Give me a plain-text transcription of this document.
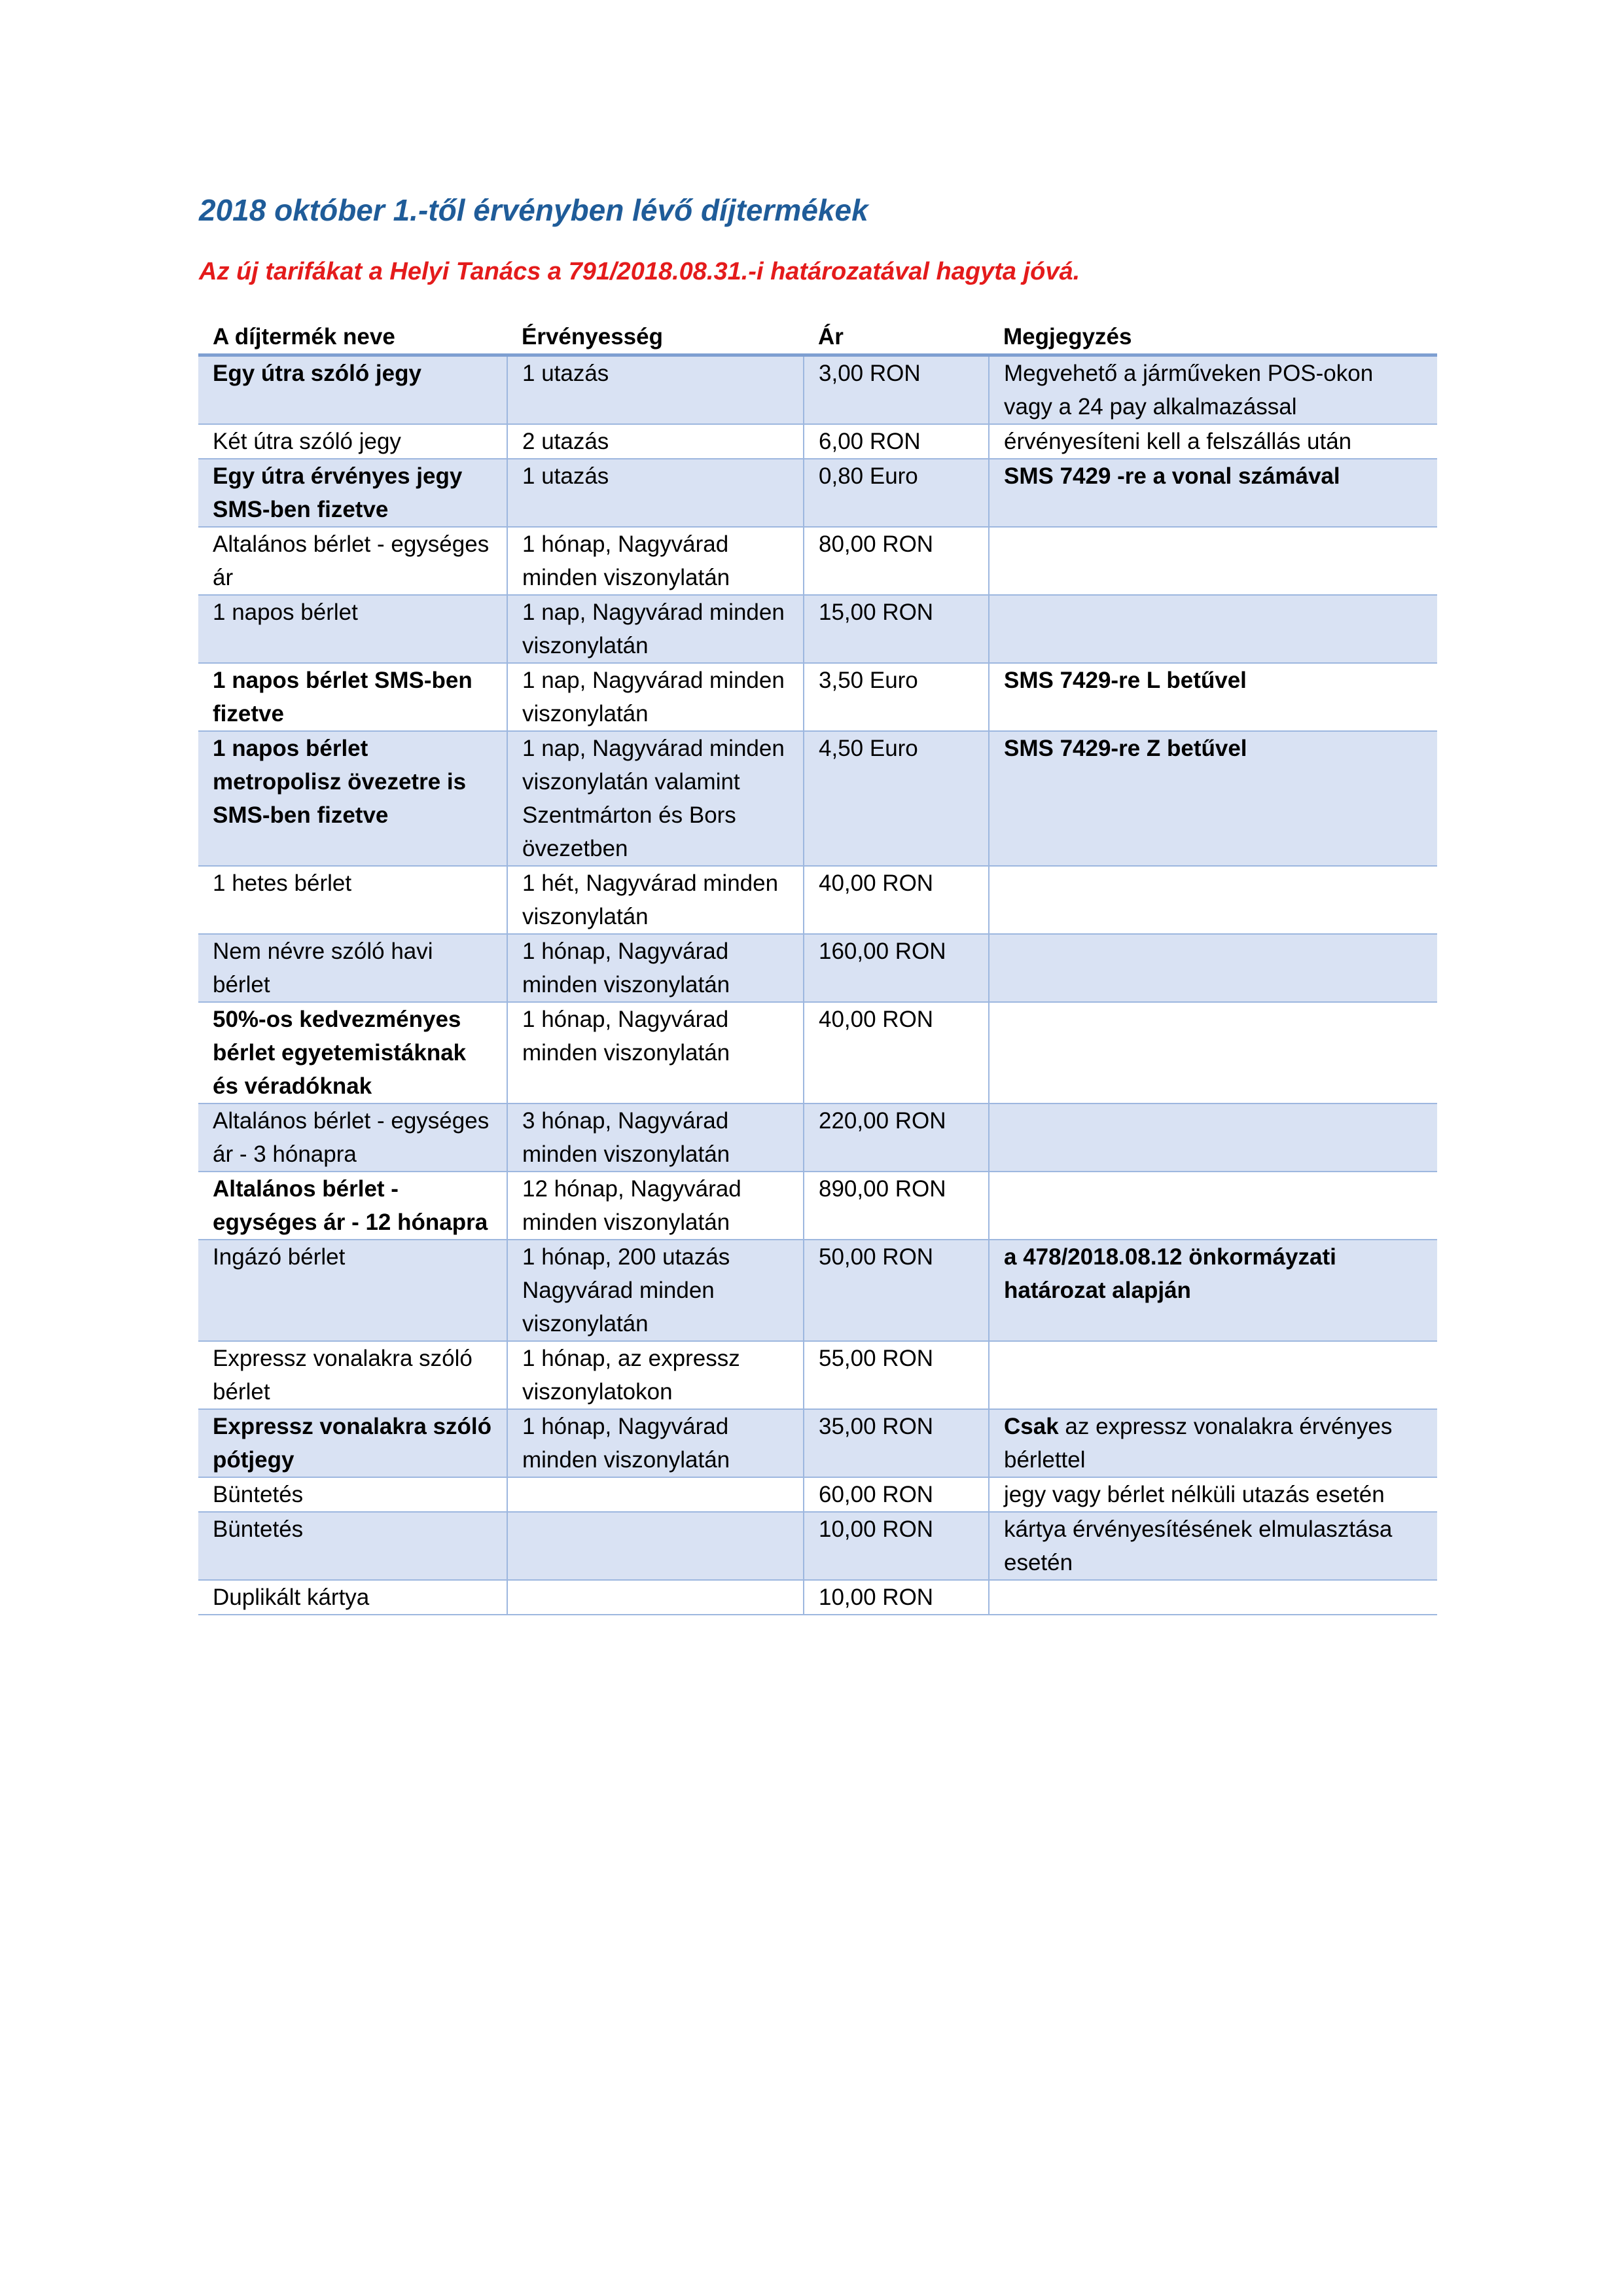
2018 október 1.-től érvényben lévő díjtermékek
Az új tarifákat a Helyi Tanács a 791/2018.08.31.-i határozatával hagyta jóvá.
A díjtermék neve	Érvényesség	Ár	Megjegyzés
Egy útra szóló jegy	1 utazás	3,00 RON	Megvehető a járműveken POS-okon vagy a 24 pay alkalmazással
Két útra szóló jegy	2 utazás	6,00 RON	érvényesíteni kell a felszállás után
Egy útra érvényes jegy SMS-ben fizetve	1 utazás	0,80 Euro	SMS 7429 -re a vonal számával
Altalános bérlet - egységes ár	1 hónap, Nagyvárad minden viszonylatán	80,00 RON	
1 napos bérlet	1 nap, Nagyvárad minden viszonylatán	15,00 RON	
1 napos bérlet SMS-ben fizetve	1 nap, Nagyvárad minden viszonylatán	3,50 Euro	SMS 7429-re L betűvel
1 napos bérlet metropolisz övezetre is SMS-ben fizetve	1 nap, Nagyvárad minden viszonylatán valamint Szentmárton és Bors övezetben	4,50 Euro	SMS 7429-re Z betűvel
1 hetes bérlet	1 hét, Nagyvárad minden viszonylatán	40,00 RON	
Nem névre szóló havi bérlet	1 hónap, Nagyvárad minden viszonylatán	160,00 RON	
50%-os kedvezményes bérlet egyetemistáknak és véradóknak	1 hónap, Nagyvárad minden viszonylatán	40,00 RON	
Altalános bérlet - egységes ár - 3 hónapra	3 hónap, Nagyvárad minden viszonylatán	220,00 RON	
Altalános bérlet - egységes ár - 12 hónapra	12 hónap, Nagyvárad minden viszonylatán	890,00 RON	
Ingázó bérlet	1 hónap, 200 utazás Nagyvárad minden viszonylatán	50,00 RON	a 478/2018.08.12 önkormáyzati határozat alapján
Expressz vonalakra szóló bérlet	1 hónap, az expressz viszonylatokon	55,00 RON	
Expressz vonalakra szóló pótjegy	1 hónap, Nagyvárad minden viszonylatán	35,00 RON	Csak az expressz vonalakra érvényes bérlettel
Büntetés		60,00 RON	jegy vagy bérlet nélküli utazás esetén
Büntetés		10,00 RON	kártya érvényesítésének elmulasztása esetén
Duplikált kártya		10,00 RON	
